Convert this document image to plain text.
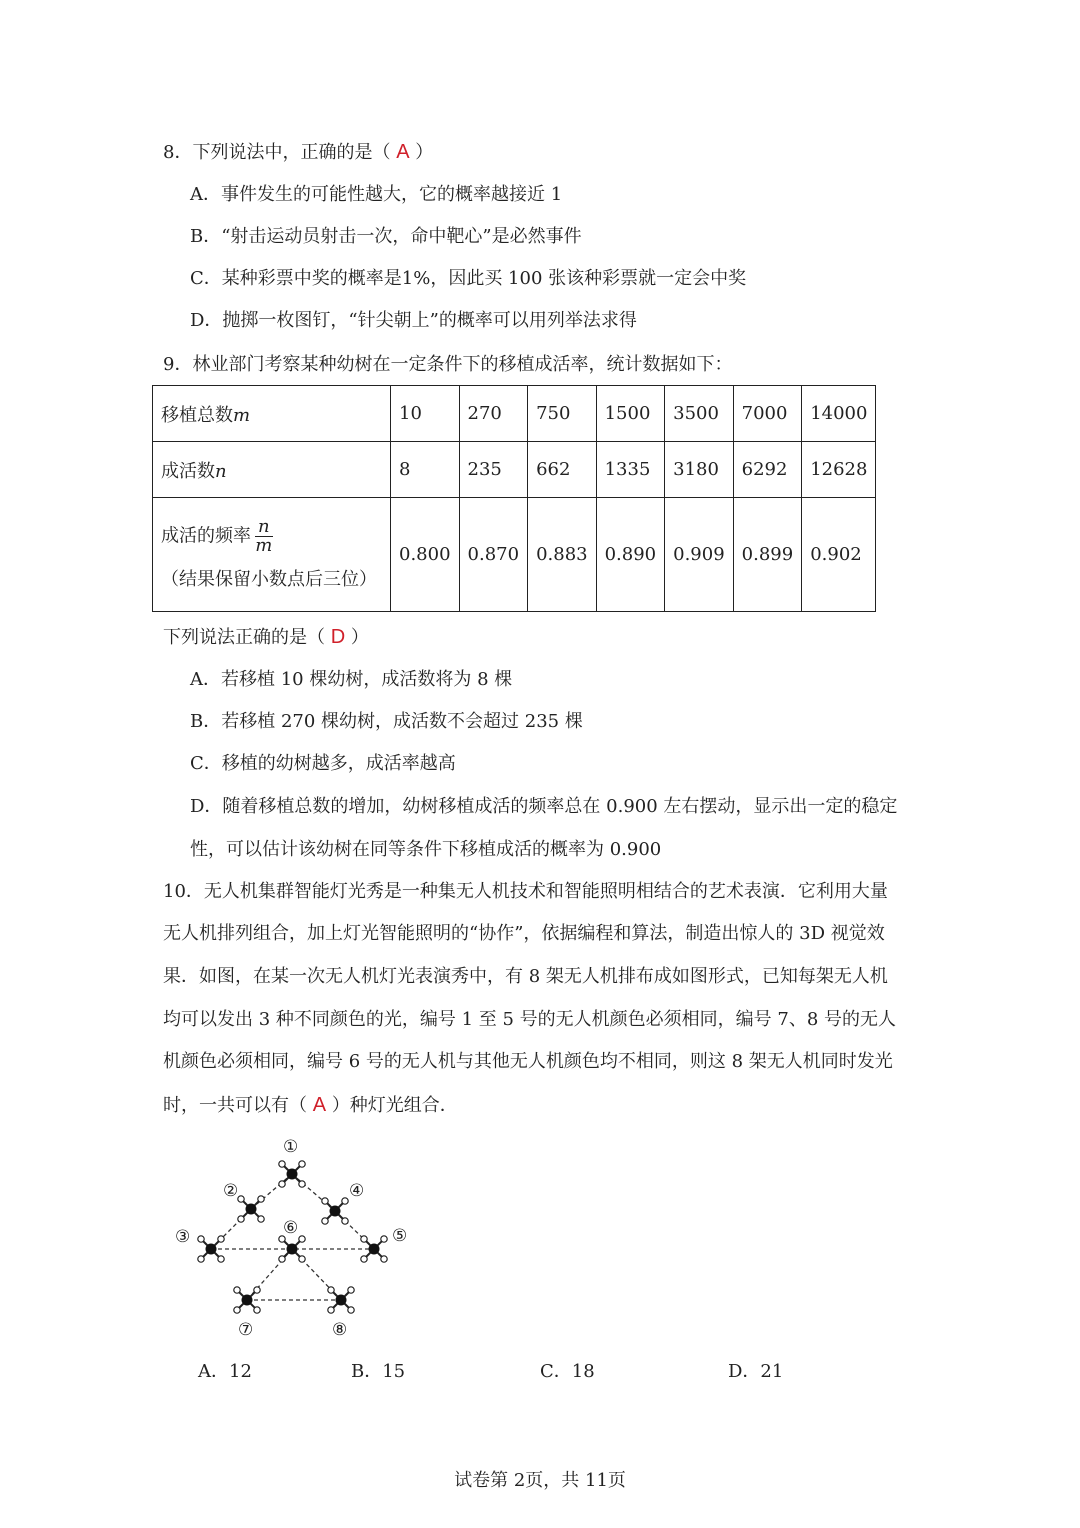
8．下列说法中，正确的是（ A ）
A．事件发生的可能性越大，它的概率越接近 1
B．“射击运动员射击一次，命中靶心”是必然事件
C．某种彩票中奖的概率是1%，因此买 100 张该种彩票就一定会中奖
D．抛掷一枚图钉，“针尖朝上”的概率可以用列举法求得
9．林业部门考察某种幼树在一定条件下的移植成活率，统计数据如下：
移植总数m	10	270	750	1500	3500	7000	14000
成活数n	8	235	662	1335	3180	6292	12628

成活的频率 $\frac{n}{m}$
（结果保留小数点后三位）	0.800	0.870	0.883	0.890	0.909	0.899	0.902
下列说法正确的是（ D ）
A．若移植 10 棵幼树，成活数将为 8 棵
B．若移植 270 棵幼树，成活数不会超过 235 棵
C．移植的幼树越多，成活率越高
D．随着移植总数的增加，幼树移植成活的频率总在 0.900 左右摆动，显示出一定的稳定
性，可以估计该幼树在同等条件下移植成活的概率为 0.900
10．无人机集群智能灯光秀是一种集无人机技术和智能照明相结合的艺术表演．它利用大量
无人机排列组合，加上灯光智能照明的“协作”，依据编程和算法，制造出惊人的 3D 视觉效
果．如图，在某一次无人机灯光表演秀中，有 8 架无人机排布成如图形式，已知每架无人机
均可以发出 3 种不同颜色的光，编号 1 至 5 号的无人机颜色必须相同，编号 7、8 号的无人
机颜色必须相同，编号 6 号的无人机与其他无人机颜色均不相同，则这 8 架无人机同时发光
时，一共可以有（ A ）种灯光组合．
①
②
③
④
⑤
⑥
⑦	⑧
A．12	B．15	C．18	D．21
试卷第 2页，共 11页
